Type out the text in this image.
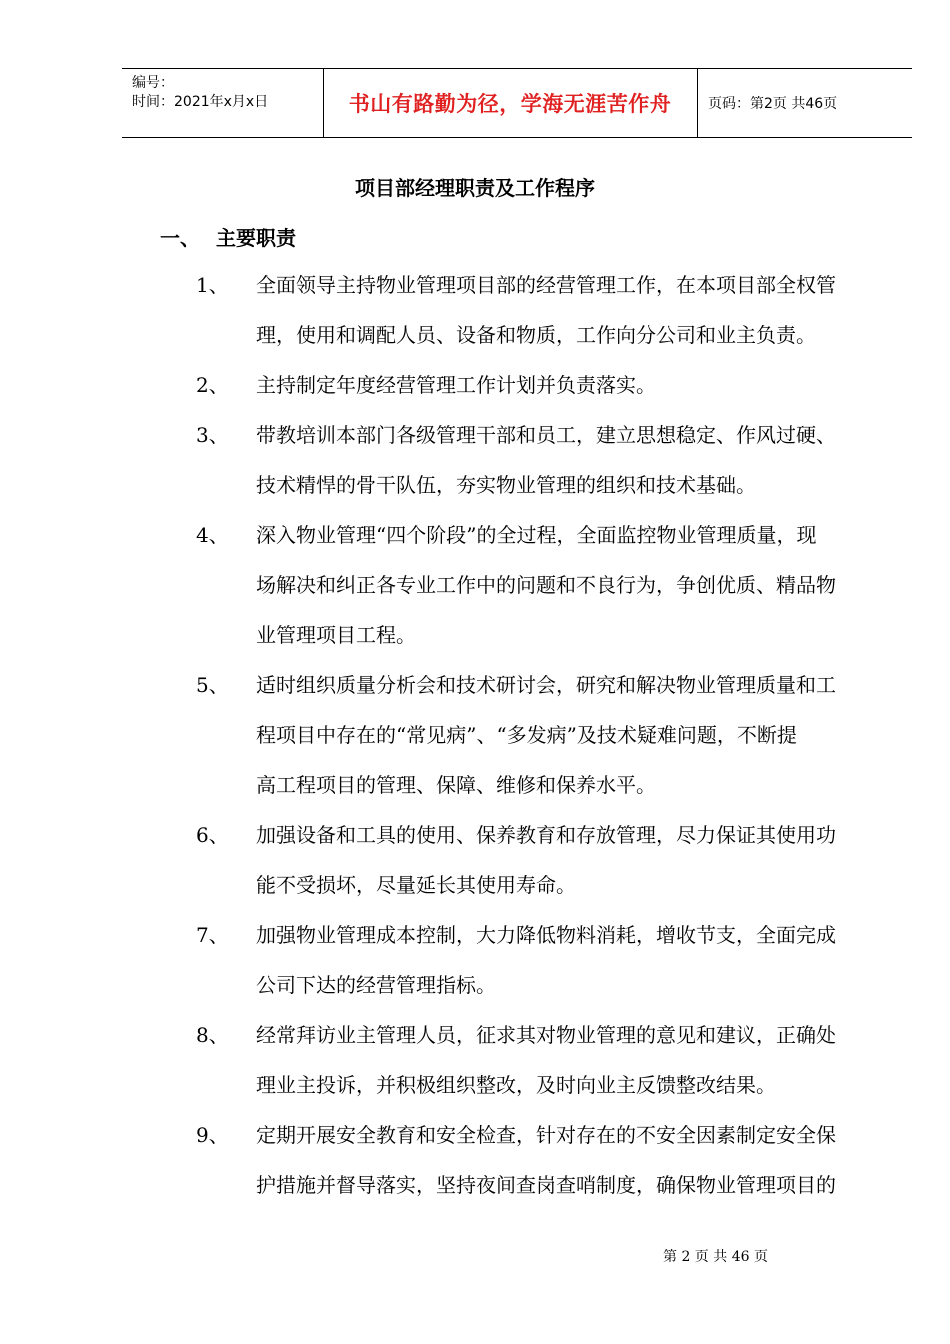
编号：
时间：2021年x月x日	书山有路勤为径，学海无涯苦作舟	页码：第2页 共46页
项目部经理职责及工作程序
一、 主要职责
1、 全面领导主持物业管理项目部的经营管理工作，在本项目部全权管
理，使用和调配人员、设备和物质，工作向分公司和业主负责。
2、 主持制定年度经营管理工作计划并负责落实。
3、 带教培训本部门各级管理干部和员工，建立思想稳定、作风过硬、
技术精悍的骨干队伍，夯实物业管理的组织和技术基础。
4、 深入物业管理“四个阶段”的全过程，全面监控物业管理质量，现
场解决和纠正各专业工作中的问题和不良行为，争创优质、精品物
业管理项目工程。
5、 适时组织质量分析会和技术研讨会，研究和解决物业管理质量和工
程项目中存在的“常见病”、“多发病”及技术疑难问题，不断提
高工程项目的管理、保障、维修和保养水平。
6、 加强设备和工具的使用、保养教育和存放管理，尽力保证其使用功
能不受损坏，尽量延长其使用寿命。
7、 加强物业管理成本控制，大力降低物料消耗，增收节支，全面完成
公司下达的经营管理指标。
8、 经常拜访业主管理人员，征求其对物业管理的意见和建议，正确处
理业主投诉，并积极组织整改，及时向业主反馈整改结果。
9、 定期开展安全教育和安全检查，针对存在的不安全因素制定安全保
护措施并督导落实，坚持夜间查岗查哨制度，确保物业管理项目的
第 2 页 共 46 页
